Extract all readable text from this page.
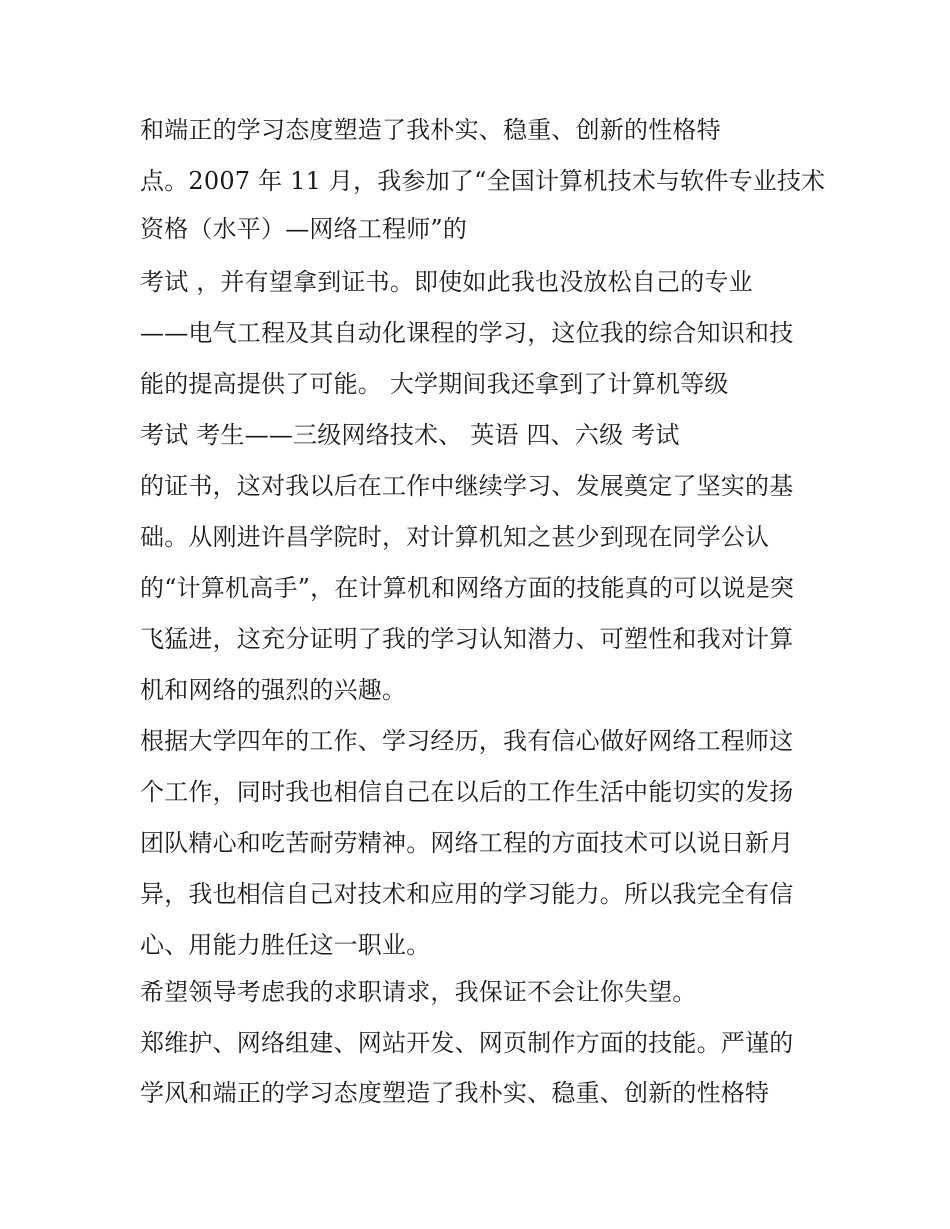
和端正的学习态度塑造了我朴实、稳重、创新的性格特
点。2007 年 11 月，我参加了“全国计算机技术与软件专业技术
资格（水平）—网络工程师”的
考试 ，并有望拿到证书。即使如此我也没放松自己的专业
——电气工程及其自动化课程的学习，这位我的综合知识和技
能的提高提供了可能。 大学期间我还拿到了计算机等级
考试 考生——三级网络技术、 英语 四、六级 考试
的证书，这对我以后在工作中继续学习、发展奠定了坚实的基
础。从刚进许昌学院时，对计算机知之甚少到现在同学公认
的“计算机高手”，在计算机和网络方面的技能真的可以说是突
飞猛进，这充分证明了我的学习认知潜力、可塑性和我对计算
机和网络的强烈的兴趣。
根据大学四年的工作、学习经历，我有信心做好网络工程师这
个工作，同时我也相信自己在以后的工作生活中能切实的发扬
团队精心和吃苦耐劳精神。网络工程的方面技术可以说日新月
异，我也相信自己对技术和应用的学习能力。所以我完全有信
心、用能力胜任这一职业。
希望领导考虑我的求职请求，我保证不会让你失望。
郑维护、网络组建、网站开发、网页制作方面的技能。严谨的
学风和端正的学习态度塑造了我朴实、稳重、创新的性格特
